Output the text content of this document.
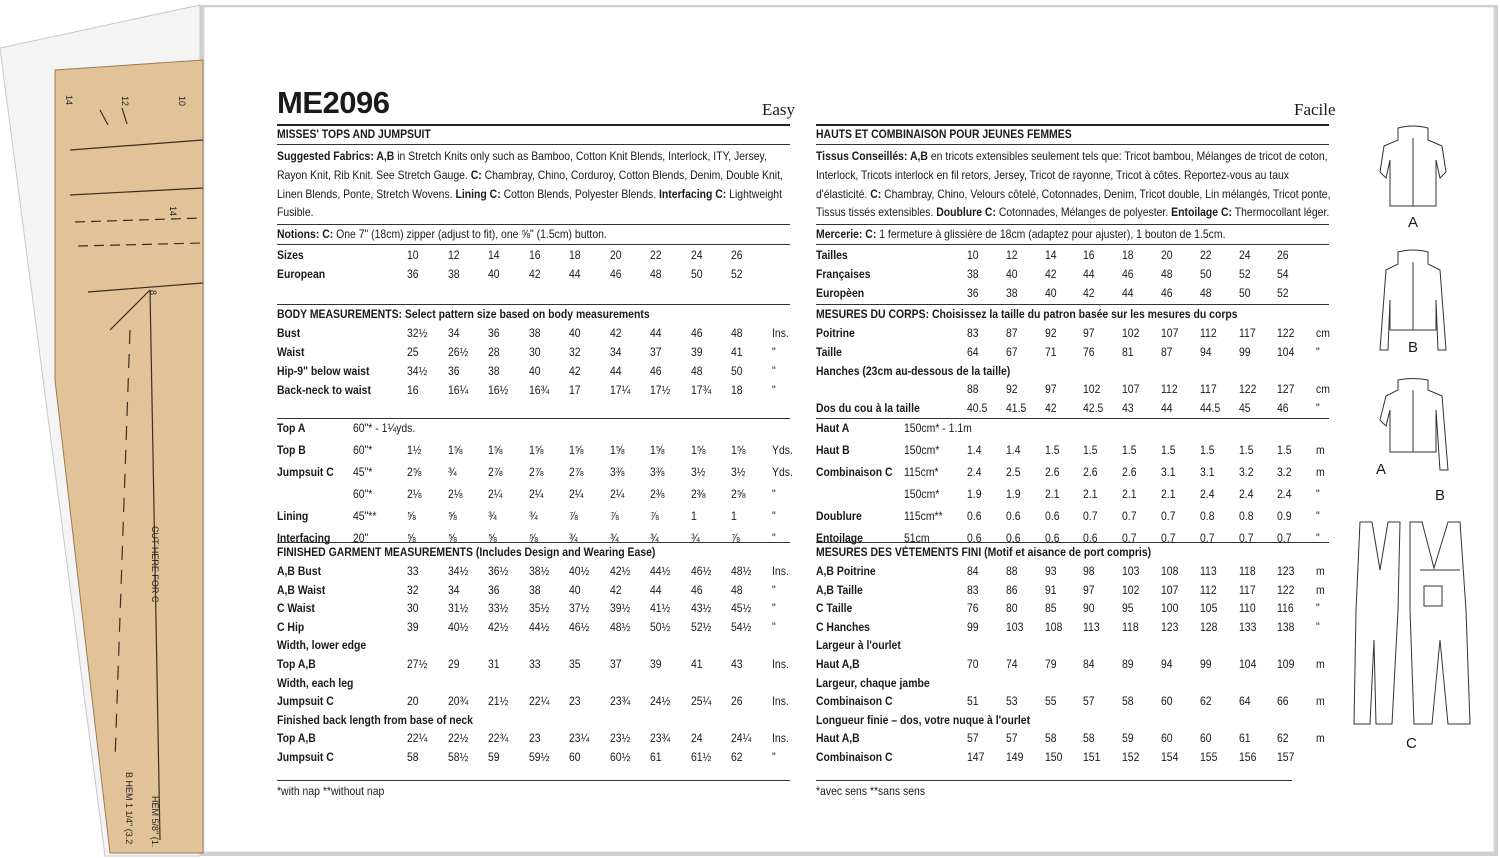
MISSES' TOPS AND JUMPSUIT
Suggested Fabrics: A,B in Stretch Knits only such as Bamboo, Cotton Knit Blends, Interlock, ITY, Jersey,
Rayon Knit, Rib Knit. See Stretch Gauge. C: Chambray, Chino, Corduroy, Cotton Blends, Denim, Double Knit,
Linen Blends, Ponte, Stretch Wovens. Lining C: Cotton Blends, Polyester Blends. Interfacing C: Lightweight
Fusible.
Notions: C: One 7" (18cm) zipper (adjust to fit), one ⅝" (1.5cm) button.
Sizes	10 12 14 16 18 20 22 24 26
European	36 38 40 42 44 46 48 50 52
BODY MEASUREMENTS: Select pattern size based on body measurements
Bust	32½ 34 36 38 40 42 44 46 48 Ins.
Waist	25 26½ 28 30 32 34 37 39 41 "
Hip-9" below waist	34½ 36 38 40 42 44 46 48 50 "
Back-neck to waist	16 16¼ 16½ 16¾ 17 17¼ 17½ 17¾ 18 "
Top A	60"* - 1¼yds.
Top B	60"*	1½ 1⅝ 1⅝ 1⅝ 1⅝ 1⅝ 1⅝ 1⅝ 1⅝ Yds.
Jumpsuit C 45"*	2⅝ ¾	2⅞ 2⅞ 2⅞ 3⅜ 3⅜ 3½ 3½ Yds.
60"*	2⅛ 2⅛ 2¼ 2¼ 2¼ 2¼ 2⅜ 2⅜ 2⅝ "
Lining	45"**	⅝	⅝	¾	¾	⅞	⅞	⅞	1	1	"
Interfacing 20"	⅝	⅝	⅝	⅝	¾	¾	¾	¾	⅞	"
FINISHED GARMENT MEASUREMENTS (Includes Design and Wearing Ease)
A,B Bust	33 34½ 36½ 38½ 40½ 42½ 44½ 46½ 48½ Ins.
A,B Waist	32 34 36 38 40 42 44 46 48 "
C Waist	30 31½ 33½ 35½ 37½ 39½ 41½ 43½ 45½ "
C Hip	39 40½ 42½ 44½ 46½ 48½ 50½ 52½ 54½ "
Width, lower edge
Top A,B	27½ 29 31 33 35 37 39 41 43 Ins.
Width, each leg
Jumpsuit C	20 20¾ 21½ 22¼ 23 23¾ 24½ 25¼ 26 Ins.
Finished back length from base of neck
Top A,B	22¼ 22½ 22¾ 23 23¼ 23½ 23¾ 24 24¼ Ins.
Jumpsuit C	58 58½ 59 59½ 60 60½ 61 61½ 62 "
*with nap **without nap
HAUTS ET COMBINAISON POUR JEUNES FEMMES
Tissus Conseillés: A,B en tricots extensibles seulement tels que: Tricot bambou, Mélanges de tricot de coton,
Interlock, Tricots interlock en fil retors, Jersey, Tricot de rayonne, Tricot à côtes. Reportez-vous au taux
d'élasticité. C: Chambray, Chino, Velours côtelé, Cotonnades, Denim, Tricot double, Lin mélangés, Tricot ponte,
Tissus tissés extensibles. Doublure C: Cotonnades, Mélanges de polyester. Entoilage C: Thermocollant léger.
Mercerie: C: 1 fermeture à glissière de 18cm (adaptez pour ajuster), 1 bouton de 1.5cm.
Tailles	10 12 14 16 18 20 22 24 26
Françaises	38 40 42 44 46 48 50 52 54
Europèen	36 38 40 42 44 46 48 50 52
MESURES DU CORPS: Choisissez la taille du patron basée sur les mesures du corps
Poitrine	83 87 92 97 102 107 112 117 122 cm
Taille	64 67 71 76 81 87 94 99 104 "
Hanches (23cm au-dessous de la taille)
88 92 97 102 107 112 117 122 127 cm
Dos du cou à la taille	40.5 41.5 42 42.5 43 44 44.5 45 46 "
Haut A	150cm* - 1.1m
Haut B	150cm* 1.4 1.4 1.5 1.5 1.5 1.5 1.5 1.5 1.5 m
Combinaison C 115cm* 2.4 2.5 2.6 2.6 2.6 3.1 3.1 3.2 3.2 m
150cm* 1.9 1.9 2.1 2.1 2.1 2.1 2.4 2.4 2.4 "
Doublure	115cm** 0.6 0.6 0.6 0.7 0.7 0.7 0.8 0.8 0.9 "
Entoilage	51cm	0.6 0.6 0.6 0.6 0.7 0.7 0.7 0.7 0.7 "
MESURES DES VÉTEMENTS FINI (Motif et aisance de port compris)
A,B Poitrine	84 88 93 98 103 108 113 118 123 m
A,B Taille	83 86 91 97 102 107 112 117 122 m
C Taille	76 80 85 90 95 100 105 110 116 "
C Hanches	99 103 108 113 118 123 128 133 138 "
Largeur à l'ourlet
Haut A,B	70 74 79 84 89 94 99 104 109 m
Largeur, chaque jambe
Combinaison C	51 53 55 57 58 60 62 64 66 m
Longueur finie – dos, votre nuque à l'ourlet
Haut A,B	57 57 58 58 59 60 60 61 62 m
Combinaison C	147 149 150 151 152 154 155 156 157
*avec sens **sans sens
ME2096	Easy	Facile
A
B
A
B
C
14	12	10
14
8
CUT HERE FOR C
B HEM 1 1/4" (3.2 HEM 5/8" (1.
